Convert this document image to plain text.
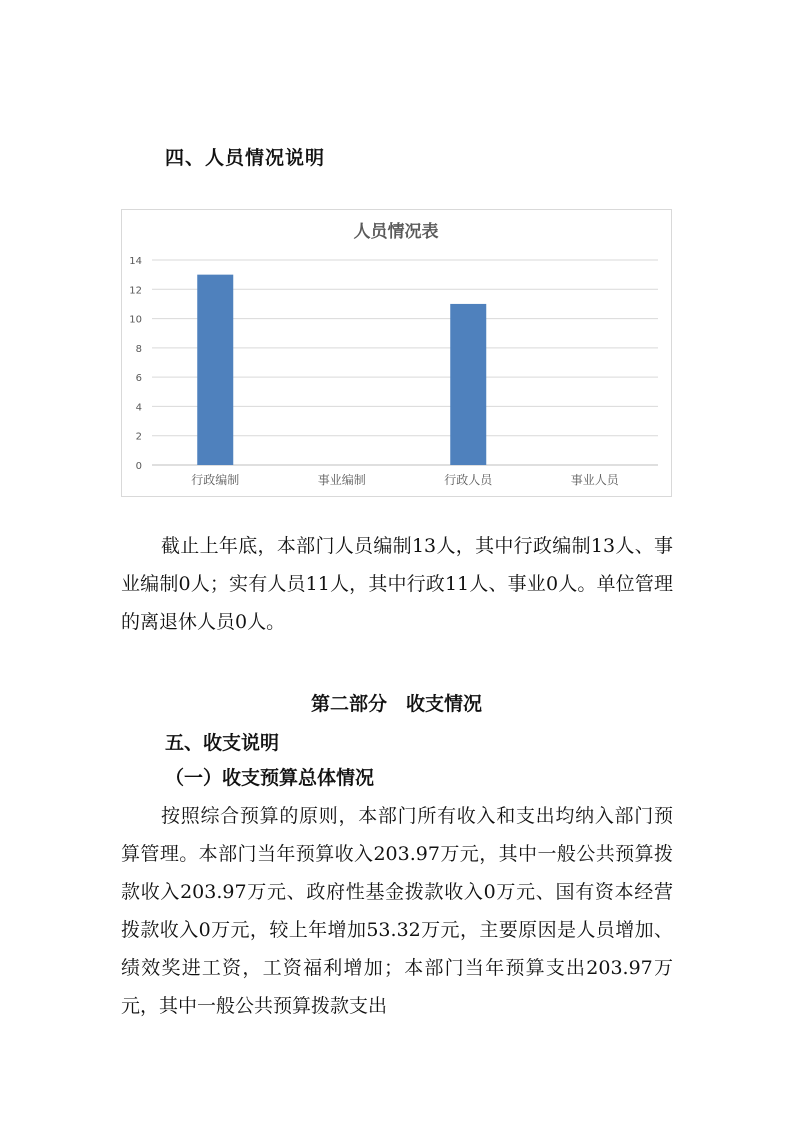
四、人员情况说明
人员情况表
0
2
4
6
8
10
12
14
行政编制	事业编制	行政人员	事业人员

截止上年底，本部门人员编制13人，其中行政编制13人、事业编制0人；实有人员11人，其中行政11人、事业0人。单位管理的离退休人员0人。

第二部分　收支情况
五、收支说明
（一）收支预算总体情况

按照综合预算的原则，本部门所有收入和支出均纳入部门预算管理。本部门当年预算收入203.97万元，其中一般公共预算拨款收入203.97万元、政府性基金拨款收入0万元、国有资本经营拨款收入0万元，较上年增加53.32万元，主要原因是人员增加、绩效奖进工资，工资福利增加；本部门当年预算支出203.97万元，其中一般公共预算拨款支出
